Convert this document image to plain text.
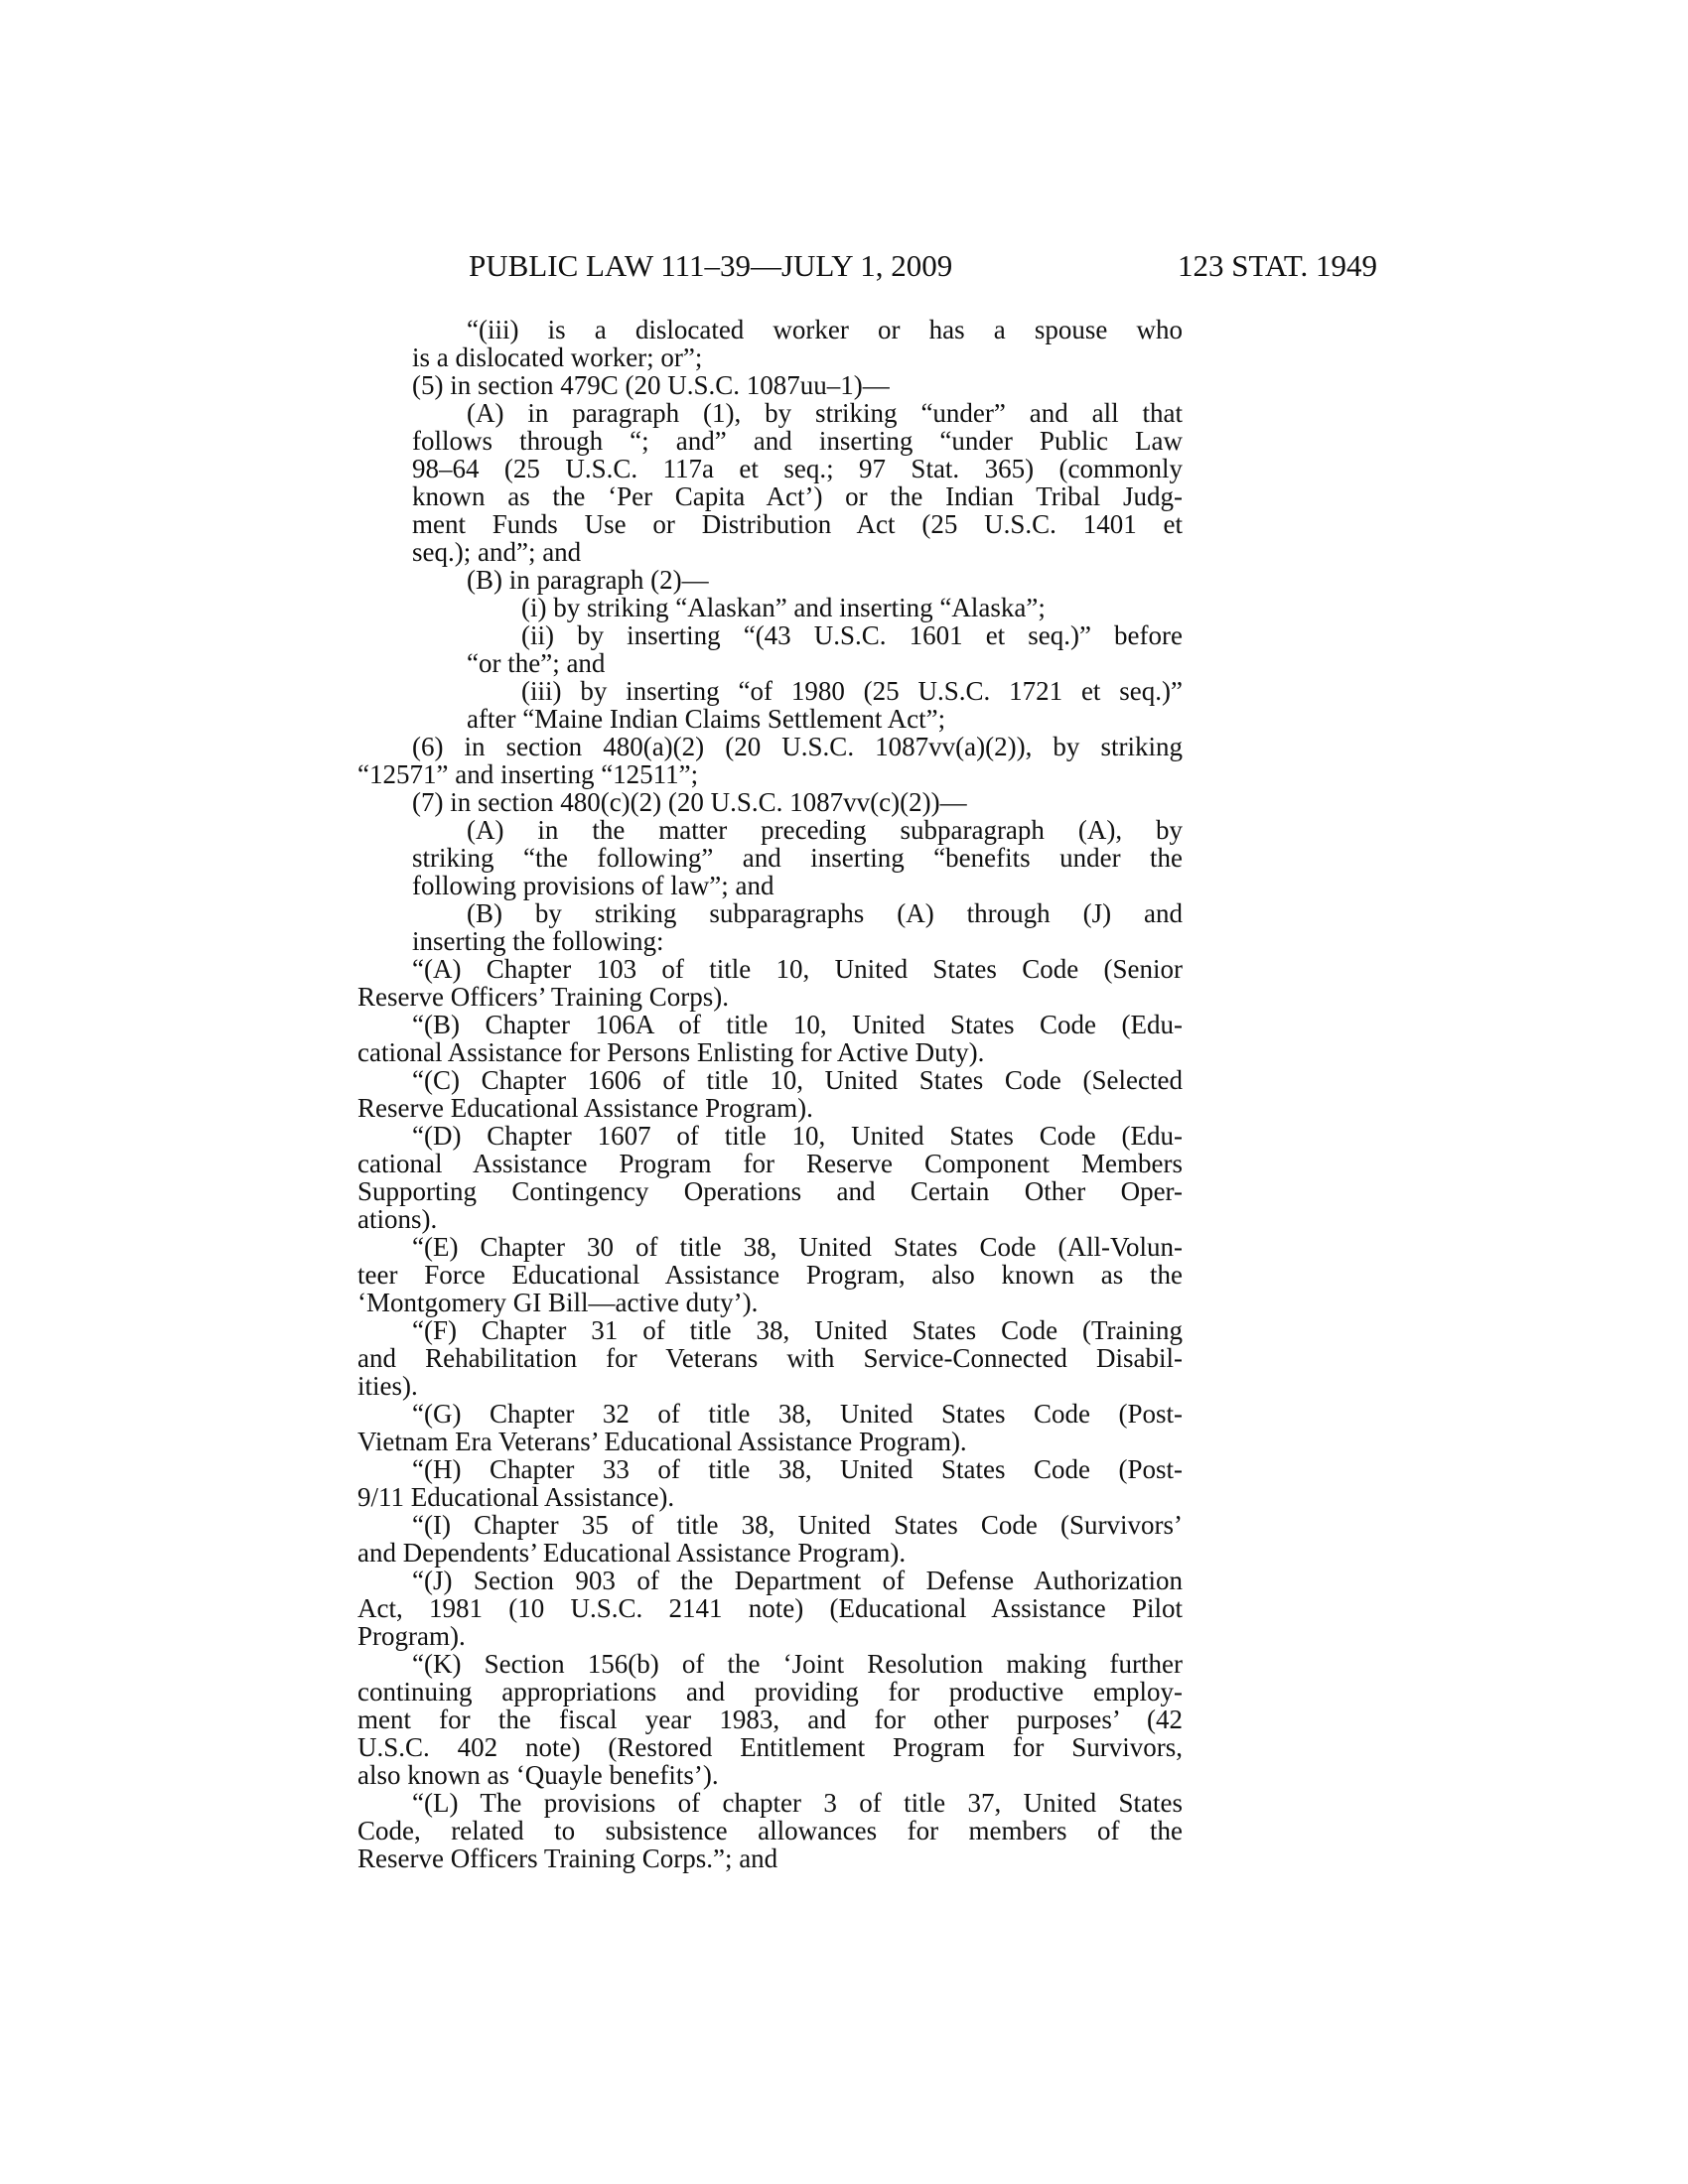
PUBLIC LAW 111–39—JULY 1, 2009	123 STAT. 1949
“(iii) is a dislocated worker or has a spouse who
is a dislocated worker; or”;
(5) in section 479C (20 U.S.C. 1087uu–1)—
(A) in paragraph (1), by striking “under” and all that
follows through “; and” and inserting “under Public Law
98–64 (25 U.S.C. 117a et seq.; 97 Stat. 365) (commonly
known as the ‘Per Capita Act’) or the Indian Tribal Judg-
ment Funds Use or Distribution Act (25 U.S.C. 1401 et
seq.); and”; and
(B) in paragraph (2)—
(i) by striking “Alaskan” and inserting “Alaska”;
(ii) by inserting “(43 U.S.C. 1601 et seq.)” before
“or the”; and
(iii) by inserting “of 1980 (25 U.S.C. 1721 et seq.)”
after “Maine Indian Claims Settlement Act”;
(6) in section 480(a)(2) (20 U.S.C. 1087vv(a)(2)), by striking
“12571” and inserting “12511”;
(7) in section 480(c)(2) (20 U.S.C. 1087vv(c)(2))—
(A) in the matter preceding subparagraph (A), by
striking “the following” and inserting “benefits under the
following provisions of law”; and
(B) by striking subparagraphs (A) through (J) and
inserting the following:
“(A) Chapter 103 of title 10, United States Code (Senior
Reserve Officers’ Training Corps).
“(B) Chapter 106A of title 10, United States Code (Edu-
cational Assistance for Persons Enlisting for Active Duty).
“(C) Chapter 1606 of title 10, United States Code (Selected
Reserve Educational Assistance Program).
“(D) Chapter 1607 of title 10, United States Code (Edu-
cational Assistance Program for Reserve Component Members
Supporting Contingency Operations and Certain Other Oper-
ations).
“(E) Chapter 30 of title 38, United States Code (All-Volun-
teer Force Educational Assistance Program, also known as the
‘Montgomery GI Bill—active duty’).
“(F) Chapter 31 of title 38, United States Code (Training
and Rehabilitation for Veterans with Service-Connected Disabil-
ities).
“(G) Chapter 32 of title 38, United States Code (Post-
Vietnam Era Veterans’ Educational Assistance Program).
“(H) Chapter 33 of title 38, United States Code (Post-
9/11 Educational Assistance).
“(I) Chapter 35 of title 38, United States Code (Survivors’
and Dependents’ Educational Assistance Program).
“(J) Section 903 of the Department of Defense Authorization
Act, 1981 (10 U.S.C. 2141 note) (Educational Assistance Pilot
Program).
“(K) Section 156(b) of the ‘Joint Resolution making further
continuing appropriations and providing for productive employ-
ment for the fiscal year 1983, and for other purposes’ (42
U.S.C. 402 note) (Restored Entitlement Program for Survivors,
also known as ‘Quayle benefits’).
“(L) The provisions of chapter 3 of title 37, United States
Code, related to subsistence allowances for members of the
Reserve Officers Training Corps.”; and
